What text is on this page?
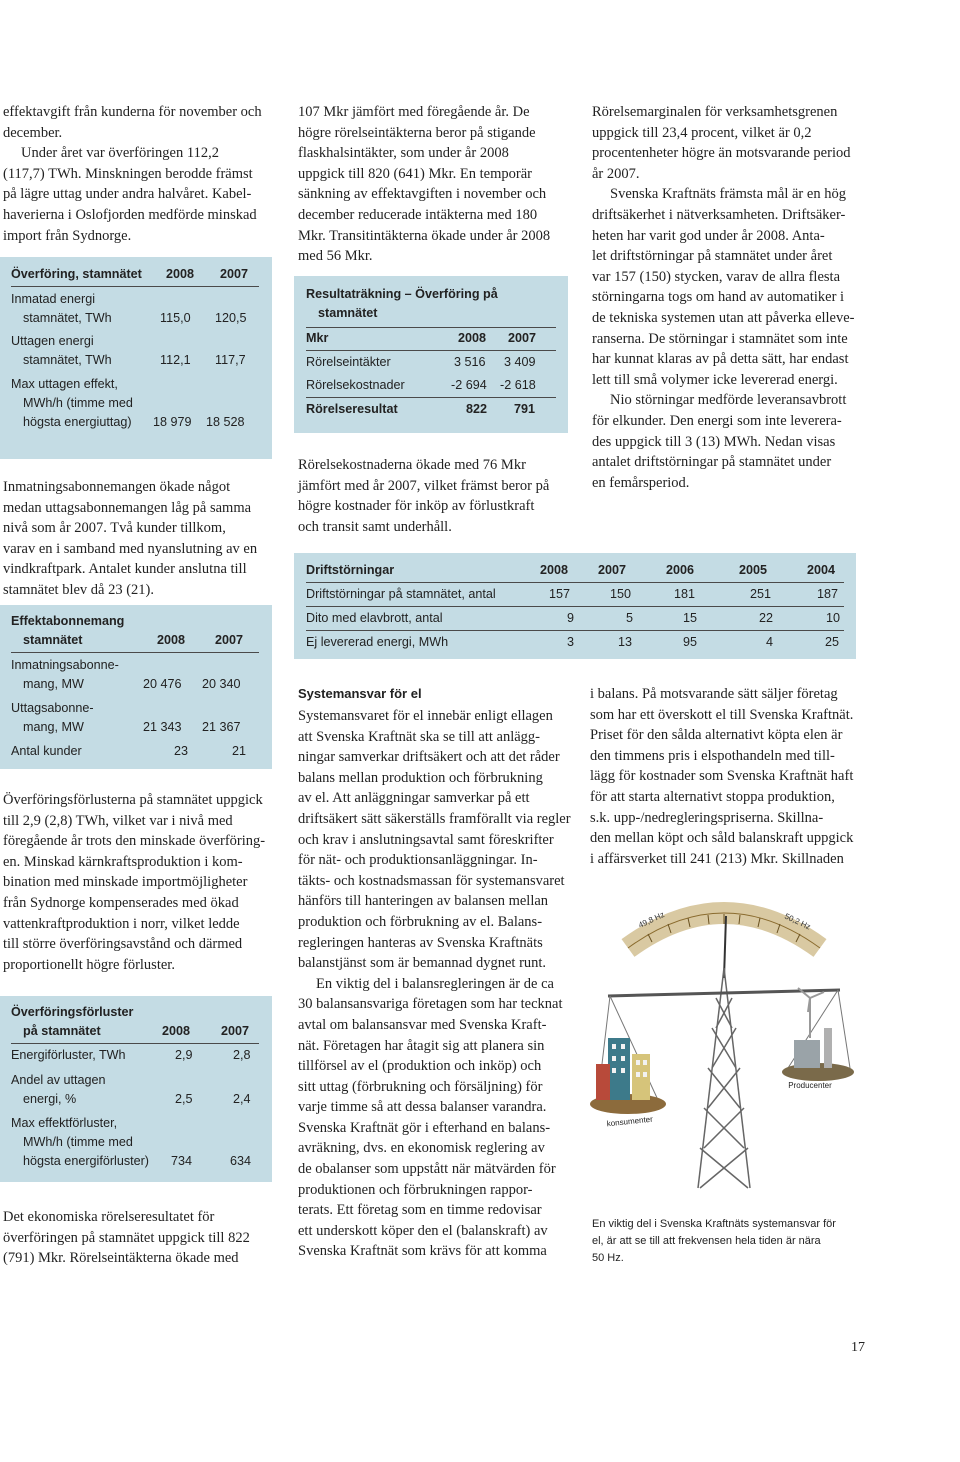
effektavgift från kunderna för november och

december.

Under året var överföringen 112,2

(117,7) TWh. Minskningen berodde främst

på lägre uttag under andra halvåret. Kabel-

haverierna i Oslofjorden medförde minskad

import från Sydnorge.

Överföring, stamnätet 2008 2007
Inmatad energi
stamnätet, TWh	115,0 120,5
Uttagen energi
stamnätet, TWh	112,1 117,7
Max uttagen effekt,
MWh/h (timme med
högsta energiuttag) 18 979 18 528

Inmatningsabonnemangen ökade något

medan uttagsabonnemangen låg på samma

nivå som år 2007. Två kunder tillkom,

varav en i samband med nyanslutning av en

vindkraftpark. Antalet kunder anslutna till

stamnätet blev då 23 (21).

Effektabonnemang
stamnätet	2008 2007
Inmatningsabonne-
mang, MW	20 476 20 340
Uttagsabonne-
mang, MW	21 343 21 367
Antal kunder	23	21

Överföringsförlusterna på stamnätet uppgick

till 2,9 (2,8) TWh, vilket var i nivå med

föregående år trots den minskade överföring-

en. Minskad kärnkraftsproduktion i kom-

bination med minskade importmöjligheter

från Sydnorge kompenserades med ökad

vattenkraftproduktion i norr, vilket ledde

till större överföringsavstånd och därmed

proportionellt högre förluster.

Överföringsförluster
på stamnätet	2008 2007
Energiförluster, TWh	2,9	2,8
Andel av uttagen
energi, %	2,5	2,4
Max effektförluster,
MWh/h (timme med
högsta energiförluster) 734	634

Det ekonomiska rörelseresultatet för

överföringen på stamnätet uppgick till 822

(791) Mkr. Rörelseintäkterna ökade med

107 Mkr jämfört med föregående år. De

högre rörelseintäkterna beror på stigande

flaskhalsintäkter, som under år 2008

uppgick till 820 (641) Mkr. En temporär

sänkning av effektavgiften i november och

december reducerade intäkterna med 180

Mkr. Transitintäkterna ökade under år 2008

med 56 Mkr.

Resultaträkning – Överföring på
stamnätet
Mkr	2008 2007
Rörelseintäkter	3 516 3 409
Rörelsekostnader	-2 694 -2 618
Rörelseresultat	822 791

Rörelsekostnaderna ökade med 76 Mkr

jämfört med år 2007, vilket främst beror på

högre kostnader för inköp av förlustkraft

och transit samt underhåll.

Rörelsemarginalen för verksamhetsgrenen

uppgick till 23,4 procent, vilket är 0,2

procentenheter högre än motsvarande period

år 2007.

Svenska Kraftnäts främsta mål är en hög

driftsäkerhet i nätverksamheten. Driftsäker-

heten har varit god under år 2008. Anta-

let driftstörningar på stamnätet under året

var 157 (150) stycken, varav de allra flesta

störningarna togs om hand av automatiker i

de tekniska systemen utan att påverka elleve-

ranserna. De störningar i stamnätet som inte

har kunnat klaras av på detta sätt, har endast

lett till små volymer icke levererad energi.

Nio störningar medförde leveransavbrott

för elkunder. Den energi som inte levererа-

des uppgick till 3 (13) MWh. Nedan visas

antalet driftstörningar på stamnätet under

en femårsperiod.

Driftstörningar	2008 2007	2006	2005	2004
Driftstörningar på stamnätet, antal	157	150	181	251	187
Dito med elavbrott, antal	9	5	15	22	10
Ej levererad energi, MWh	3	13	95	4	25
Systemansvar för el

Systemansvaret för el innebär enligt ellagen

att Svenska Kraftnät ska se till att anlägg-

ningar samverkar driftsäkert och att det råder

balans mellan produktion och förbrukning

av el. Att anläggningar samverkar på ett

driftsäkert sätt säkerställs framförallt via regler

och krav i anslutningsavtal samt föreskrifter

för nät- och produktionsanläggningar. In-

täkts- och kostnadsmassan för systemansvaret

hänförs till hanteringen av balansen mellan

produktion och förbrukning av el. Balans-

regleringen hanteras av Svenska Kraftnäts

balanstjänst som är bemannad dygnet runt.

En viktig del i balansregleringen är de ca

30 balansansvariga företagen som har tecknat

avtal om balansansvar med Svenska Kraft-

nät. Företagen har åtagit sig att planera sin

tillförsel av el (produktion och inköp) och

sitt uttag (förbrukning och försäljning) för

varje timme så att dessa balanser varandra.

Svenska Kraftnät gör i efterhand en balans-

avräkning, dvs. en ekonomisk reglering av

de obalanser som uppstått när mätvärden för

produktionen och förbrukningen rappor-

terats. Ett företag som en timme redovisar

ett underskott köper den el (balanskraft) av

Svenska Kraftnät som krävs för att komma

i balans. På motsvarande sätt säljer företag

som har ett överskott el till Svenska Kraftnät.

Priset för den sålda alternativt köpta elen är

den timmens pris i elspothandeln med till-

lägg för kostnader som Svenska Kraftnät haft

för att starta alternativt stoppa produktion,

s.k. upp-/nedregleringspriserna. Skillna-

den mellan köpt och såld balanskraft uppgick

i affärsverket till 241 (213) Mkr. Skillnaden

49,8 Hz	50,2 Hz
konsumenter
Producenter
En viktig del i Svenska Kraftnäts systemansvar för
el, är att se till att frekvensen hela tiden är nära
50 Hz.
17
